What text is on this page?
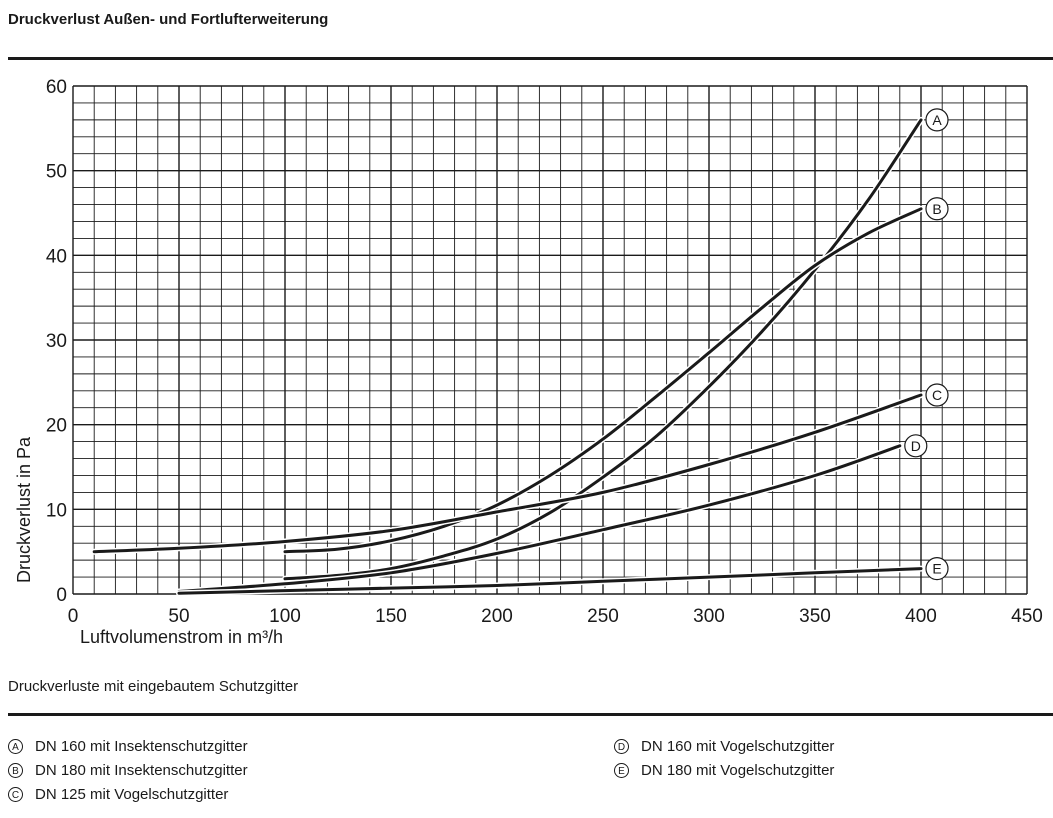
Druckverlust Außen- und Fortlufterweiterung
0	50	100	150	200	250	300	350	400	450
0
10
20
30
40
50
60
A
B
C
D
E
Luftvolumenstrom in m³/h
Druckverlust in Pa
Druckverluste mit eingebautem Schutzgitter
A DN 160 mit Insektenschutzgitter
B DN 180 mit Insektenschutzgitter
C DN 125 mit Vogelschutzgitter
D DN 160 mit Vogelschutzgitter
E DN 180 mit Vogelschutzgitter
